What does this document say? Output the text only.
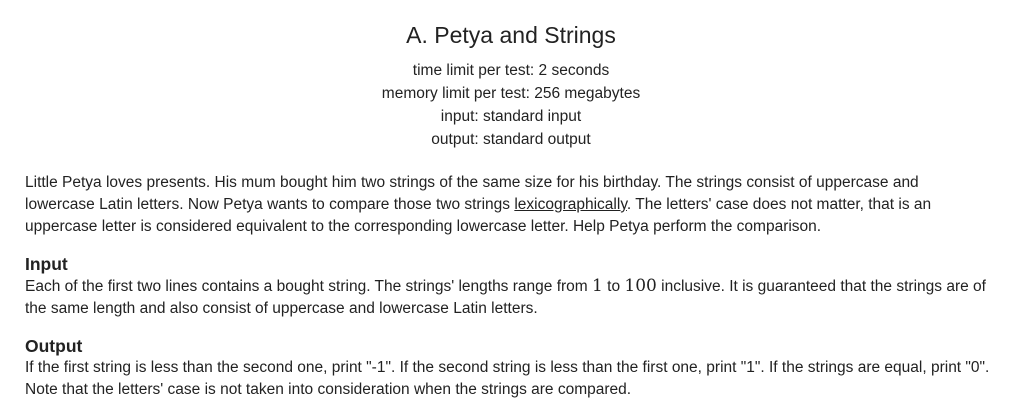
A. Petya and Strings
time limit per test: 2 seconds
memory limit per test: 256 megabytes
input: standard input
output: standard output

Little Petya loves presents. His mum bought him two strings of the same size for his birthday. The strings consist of uppercase and lowercase Latin letters. Now Petya wants to compare those two strings lexicographically. The letters' case does not matter, that is an uppercase letter is considered equivalent to the corresponding lowercase letter. Help Petya perform the comparison.

Input

Each of the first two lines contains a bought string. The strings' lengths range from 1 to 100 inclusive. It is guaranteed that the strings are of the same length and also consist of uppercase and lowercase Latin letters.

Output

If the first string is less than the second one, print "-1". If the second string is less than the first one, print "1". If the strings are equal, print "0". Note that the letters' case is not taken into consideration when the strings are compared.
